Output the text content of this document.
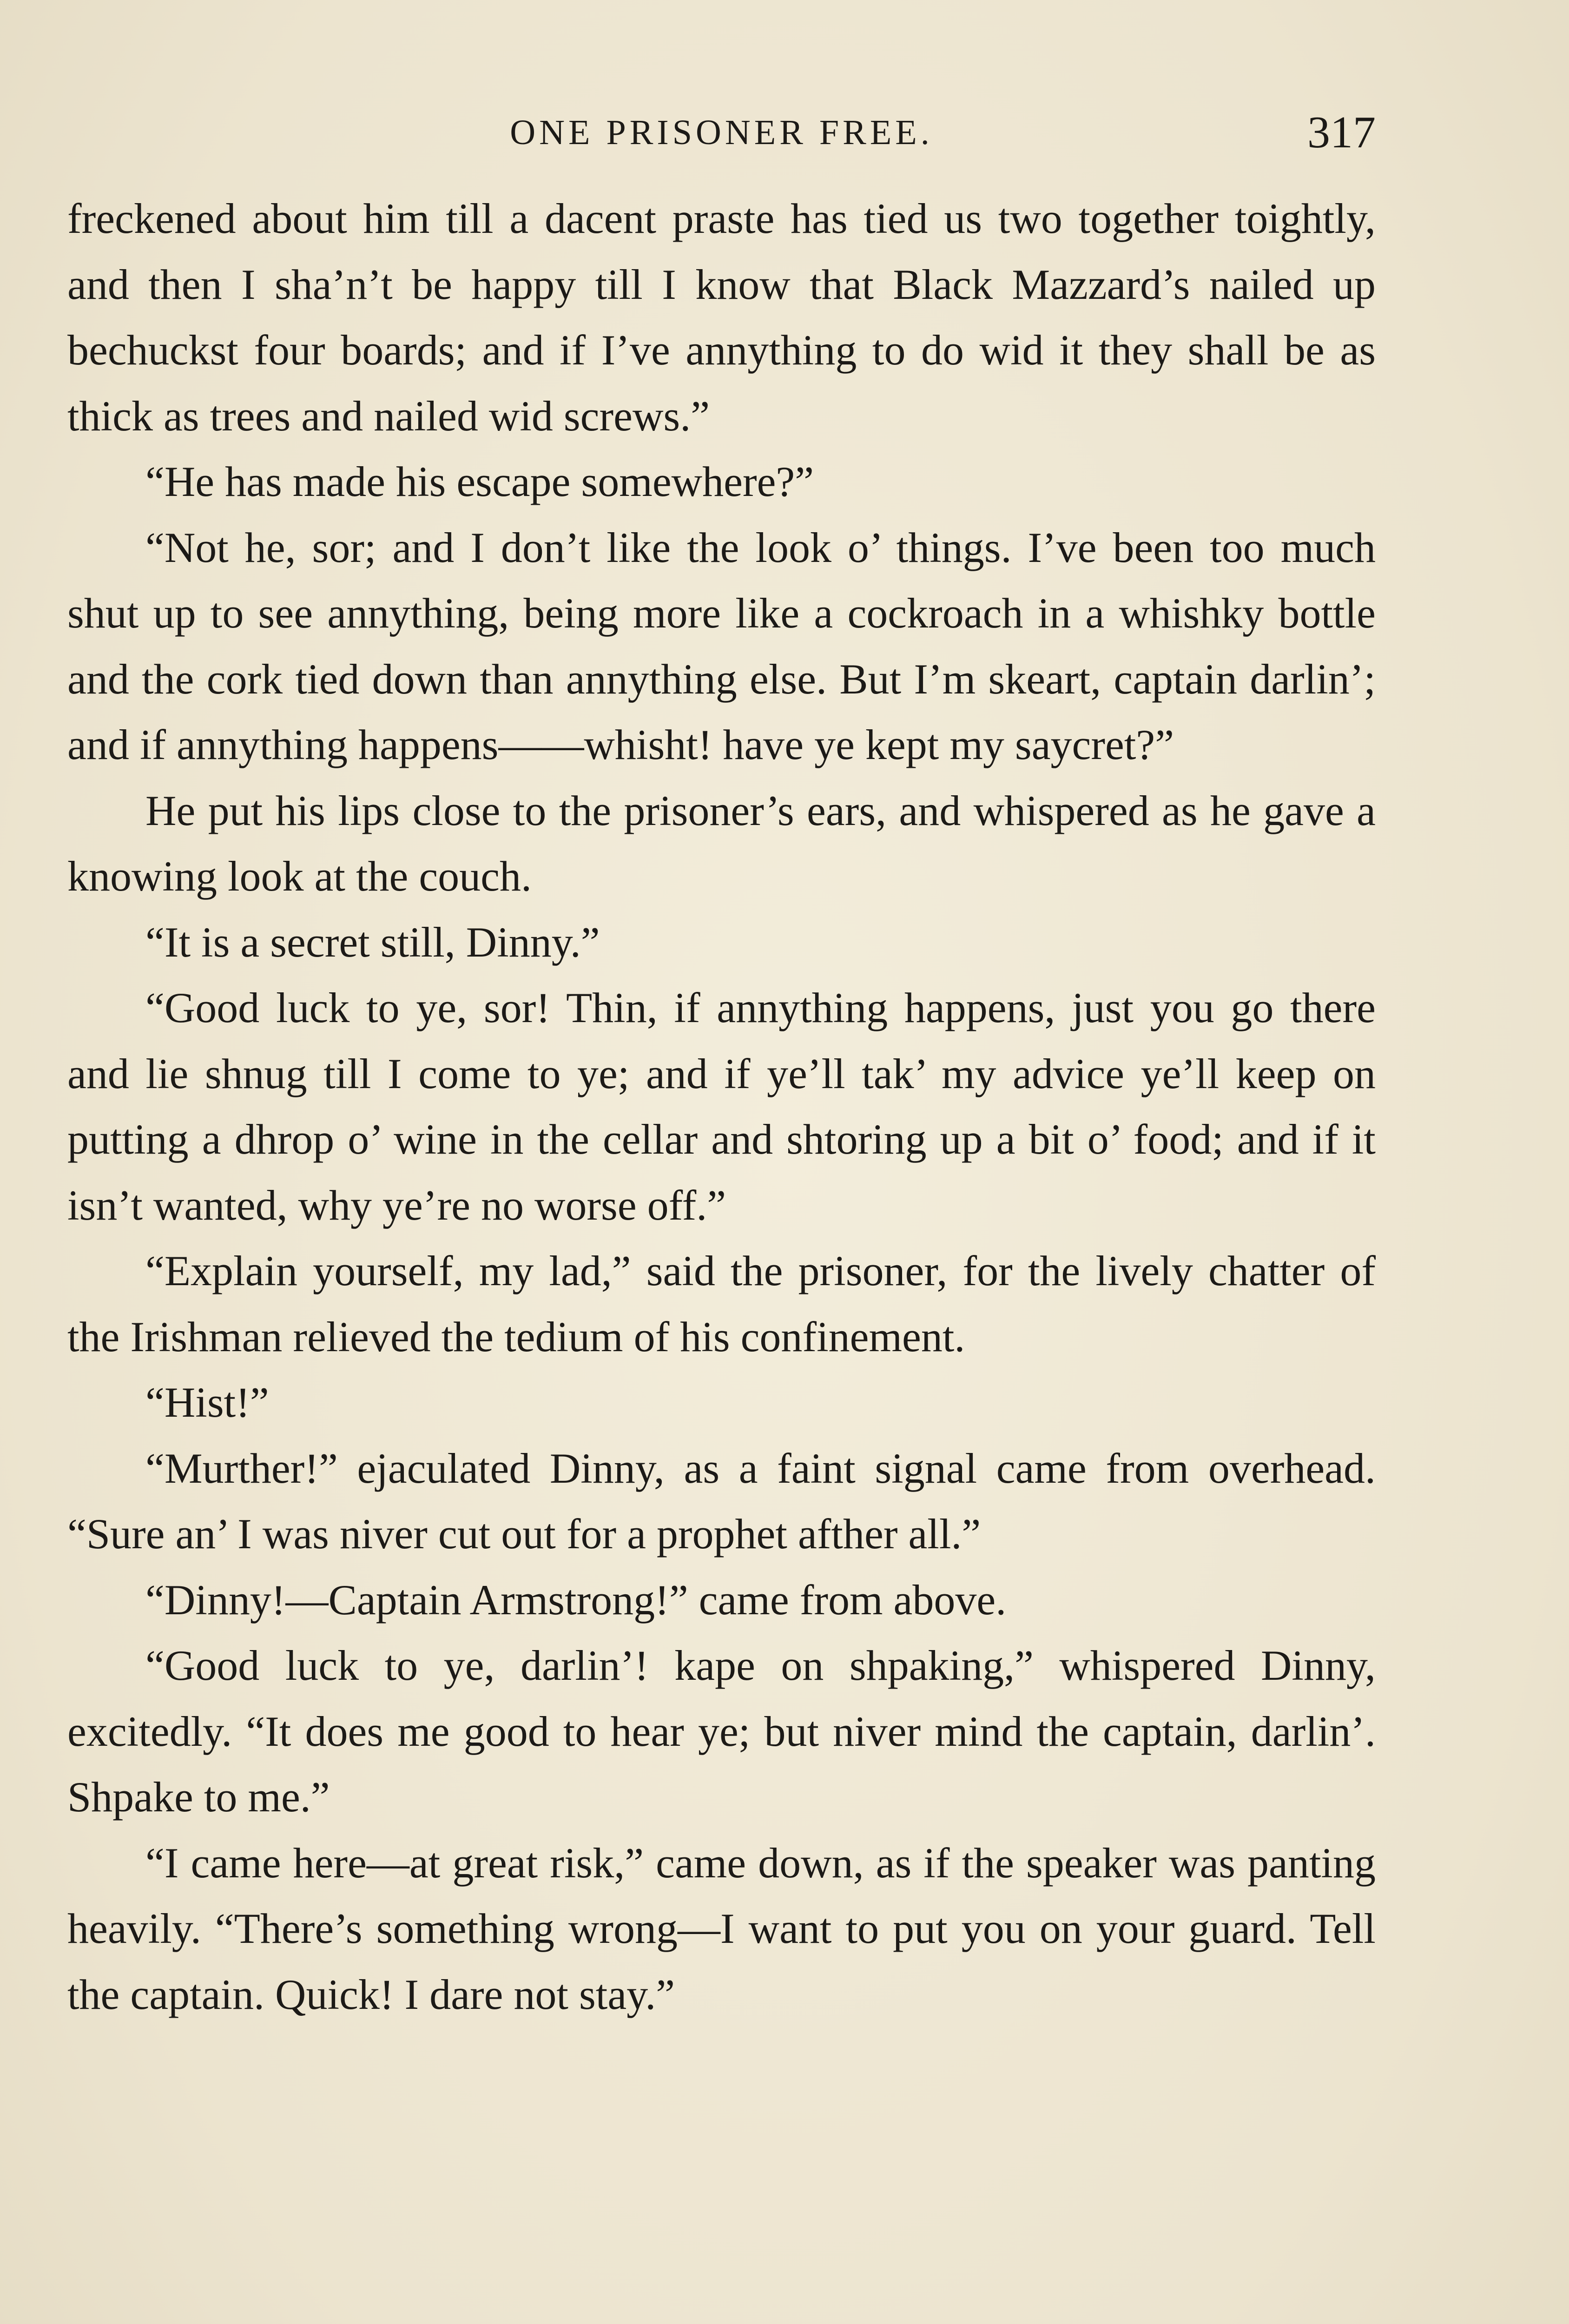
ONE PRISONER FREE.	317

freckened about him till a dacent praste has tied us two together toightly, and then I sha’n’t be happy till I know that Black Mazzard’s nailed up bechuckst four boards; and if I’ve annything to do wid it they shall be as thick as trees and nailed wid screws.”

“He has made his escape somewhere?”

“Not he, sor; and I don’t like the look o’ things. I’ve been too much shut up to see annything, being more like a cockroach in a whishky bottle and the cork tied down than annything else. But I’m skeart, captain darlin’; and if annything happens——whisht! have ye kept my saycret?”

He put his lips close to the prisoner’s ears, and whispered as he gave a knowing look at the couch.

“It is a secret still, Dinny.”

“Good luck to ye, sor! Thin, if annything happens, just you go there and lie shnug till I come to ye; and if ye’ll tak’ my advice ye’ll keep on putting a dhrop o’ wine in the cellar and shtoring up a bit o’ food; and if it isn’t wanted, why ye’re no worse off.”

“Explain yourself, my lad,” said the prisoner, for the lively chatter of the Irishman relieved the tedium of his confinement.

“Hist!”

“Murther!” ejaculated Dinny, as a faint signal came from overhead. “Sure an’ I was niver cut out for a prophet afther all.”

“Dinny!—Captain Armstrong!” came from above.

“Good luck to ye, darlin’! kape on shpaking,” whispered Dinny, excitedly. “It does me good to hear ye; but niver mind the captain, darlin’. Shpake to me.”

“I came here—at great risk,” came down, as if the speaker was panting heavily. “There’s something wrong—I want to put you on your guard. Tell the captain. Quick! I dare not stay.”
